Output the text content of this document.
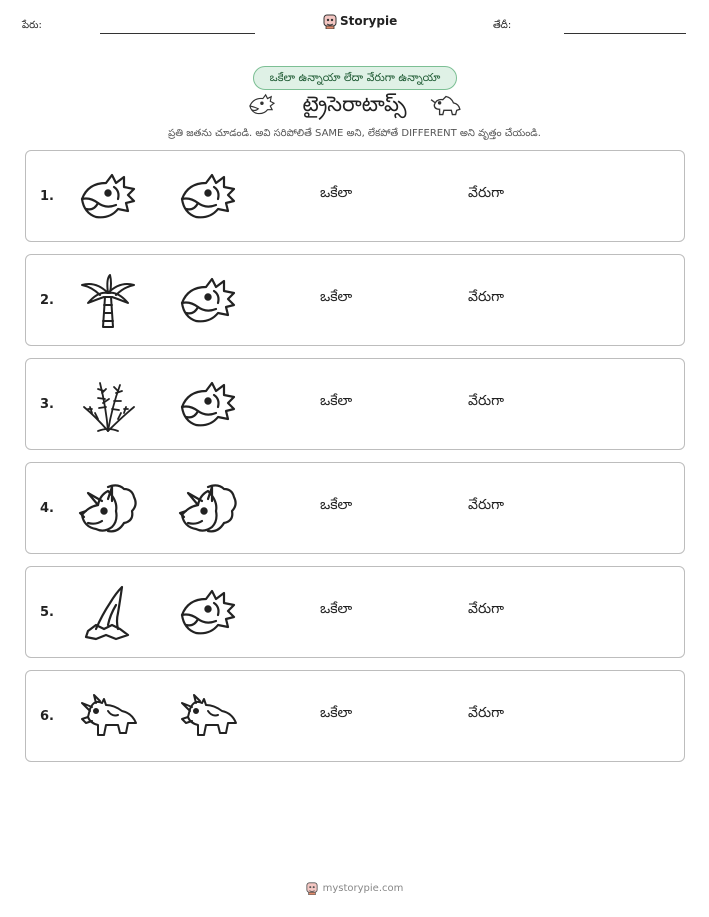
పేరు:	Storypie	తేదీ:
ఒకేలా ఉన్నాయా లేదా వేరుగా ఉన్నాయా
ట్రైసెరాటాప్స్
ప్రతి జతను చూడండి. అవి సరిపోలితే SAME అని, లేకపోతే DIFFERENT అని వృత్తం చేయండి.
1.	ఒకేలా	వేరుగా
2.	ఒకేలా	వేరుగా
3.	ఒకేలా	వేరుగా
4.	ఒకేలా	వేరుగా
5.	ఒకేలా	వేరుగా
6.	ఒకేలా	వేరుగా
mystorypie.com
